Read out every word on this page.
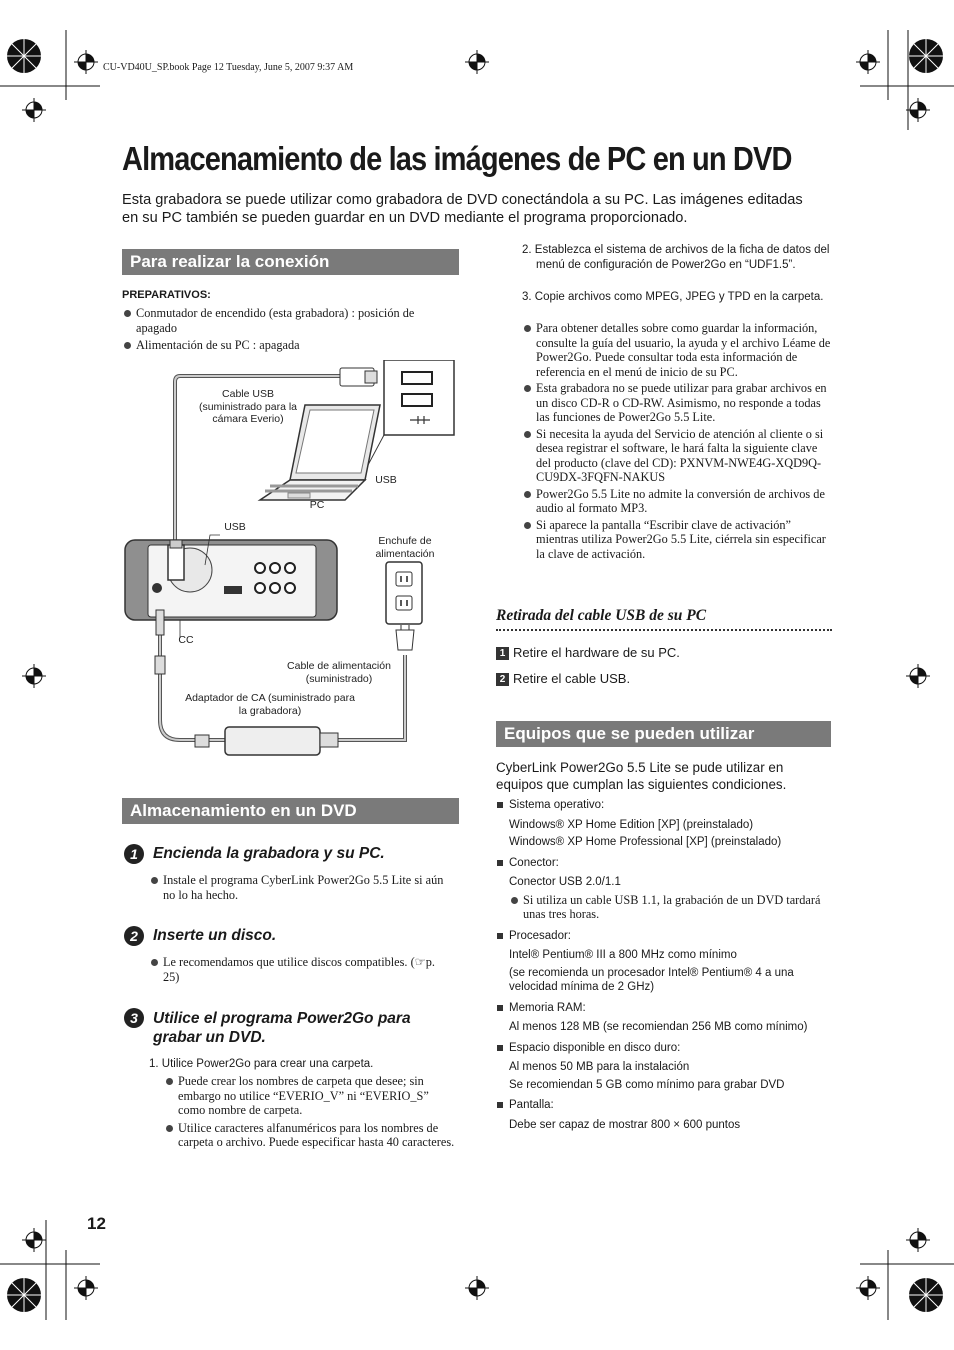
CU-VD40U_SP.book Page 12 Tuesday, June 5, 2007 9:37 AM
Almacenamiento de las imágenes de PC en un DVD
Esta grabadora se puede utilizar como grabadora de DVD conectándola a su PC. Las imágenes editadas en su PC también se pueden guardar en un DVD mediante el programa proporcionado.
Para realizar la conexión
PREPARATIVOS:
Conmutador de encendido (esta grabadora) : posición de apagado
Alimentación de su PC : apagada
Cable USB (suministrado para la cámara Everio)
USB
PC
USB
Enchufe de alimentación
CC
Cable de alimentación (suministrado)
Adaptador de CA (suministrado para la grabadora)
Almacenamiento en un DVD
1 Encienda la grabadora y su PC.
Instale el programa CyberLink Power2Go 5.5 Lite si aún no lo ha hecho.
2 Inserte un disco.
Le recomendamos que utilice discos compatibles. (☞p. 25)
3 Utilice el programa Power2Go para grabar un DVD.
1. Utilice Power2Go para crear una carpeta.
Puede crear los nombres de carpeta que desee; sin embargo no utilice “EVERIO_V” ni “EVERIO_S” como nombre de carpeta.
Utilice caracteres alfanuméricos para los nombres de carpeta o archivo. Puede especificar hasta 40 caracteres.
2. Establezca el sistema de archivos de la ficha de datos del menú de configuración de Power2Go en “UDF1.5”.
3. Copie archivos como MPEG, JPEG y TPD en la carpeta.
Para obtener detalles sobre como guardar la información, consulte la guía del usuario, la ayuda y el archivo Léame de Power2Go. Puede consultar toda esta información de referencia en el menú de inicio de su PC.
Esta grabadora no se puede utilizar para grabar archivos en un disco CD-R o CD-RW. Asimismo, no responde a todas las funciones de Power2Go 5.5 Lite.
Si necesita la ayuda del Servicio de atención al cliente o si desea registrar el software, le hará falta la siguiente clave del producto (clave del CD): PXNVM-NWE4G-XQD9Q-CU9DX-3FQFN-NAKUS
Power2Go 5.5 Lite no admite la conversión de archivos de audio al formato MP3.
Si aparece la pantalla “Escribir clave de activación” mientras utiliza Power2Go 5.5 Lite, ciérrela sin especificar la clave de activación.
Retirada del cable USB de su PC
1 Retire el hardware de su PC.
2 Retire el cable USB.
Equipos que se pueden utilizar
CyberLink Power2Go 5.5 Lite se pude utilizar en equipos que cumplan las siguientes condiciones.
Sistema operativo:
Windows® XP Home Edition [XP] (preinstalado)
Windows® XP Home Professional [XP] (preinstalado)
Conector:
Conector USB 2.0/1.1
Si utiliza un cable USB 1.1, la grabación de un DVD tardará unas tres horas.
Procesador:
Intel® Pentium® III a 800 MHz como mínimo
(se recomienda un procesador Intel® Pentium® 4 a una velocidad mínima de 2 GHz)
Memoria RAM:
Al menos 128 MB (se recomiendan 256 MB como mínimo)
Espacio disponible en disco duro:
Al menos 50 MB para la instalación
Se recomiendan 5 GB como mínimo para grabar DVD
Pantalla:
Debe ser capaz de mostrar 800 × 600 puntos
12
